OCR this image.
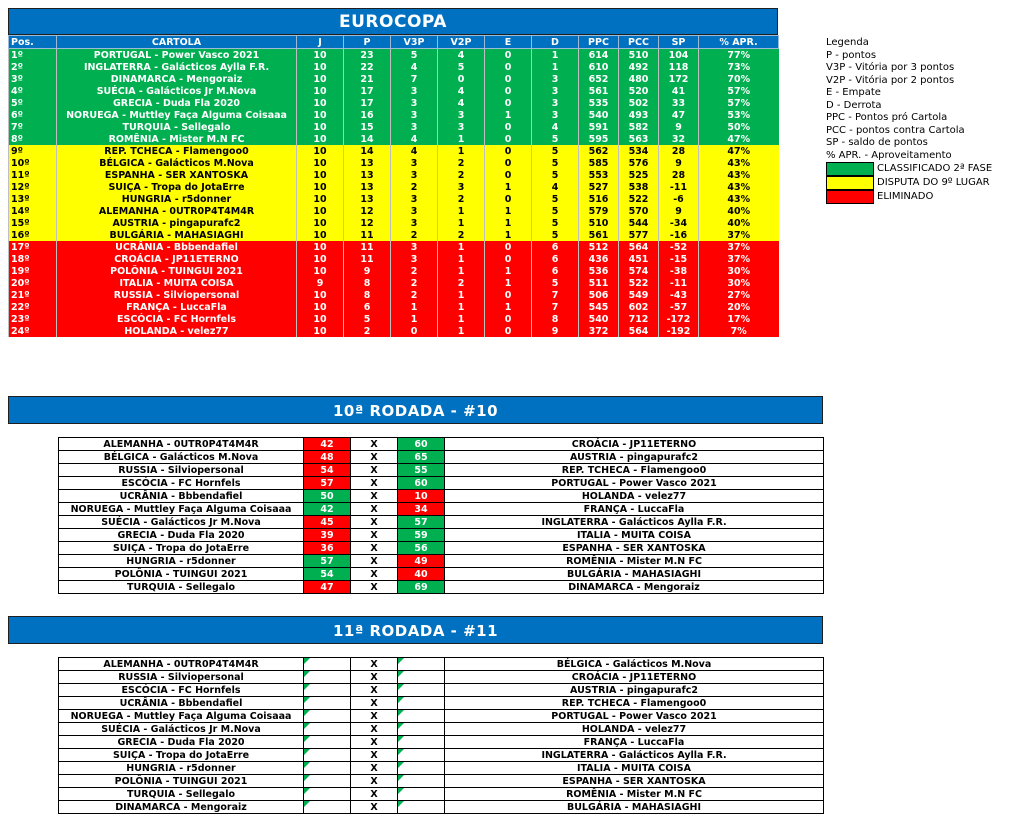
EUROCOPA
Pos.	CARTOLA	J	P	V3P	V2P	E	D	PPC	PCC	SP	% APR.
1º	PORTUGAL - Power Vasco 2021	10	23	5	4	0	1	614	510	104	77%
2º	INGLATERRA - Galácticos Aylla F.R.	10	22	4	5	0	1	610	492	118	73%
3º	DINAMARCA - Mengoraiz	10	21	7	0	0	3	652	480	172	70%
4º	SUÉCIA - Galácticos Jr M.Nova	10	17	3	4	0	3	561	520	41	57%
5º	GRECIA - Duda Fla 2020	10	17	3	4	0	3	535	502	33	57%
6º	NORUEGA - Muttley Faça Alguma Coisaaa	10	16	3	3	1	3	540	493	47	53%
7º	TURQUIA - Sellegalo	10	15	3	3	0	4	591	582	9	50%
8º	ROMÊNIA - Mister M.N FC	10	14	4	1	0	5	595	563	32	47%
9º	REP. TCHECA - Flamengoo0	10	14	4	1	0	5	562	534	28	47%
10º	BÉLGICA - Galácticos M.Nova	10	13	3	2	0	5	585	576	9	43%
11º	ESPANHA - SER XANTOSKA	10	13	3	2	0	5	553	525	28	43%
12º	SUIÇA - Tropa do JotaErre	10	13	2	3	1	4	527	538	-11	43%
13º	HUNGRIA - r5donner	10	13	3	2	0	5	516	522	-6	43%
14º	ALEMANHA - 0UTR0P4T4M4R	10	12	3	1	1	5	579	570	9	40%
15º	AUSTRIA - pingapurafc2	10	12	3	1	1	5	510	544	-34	40%
16º	BULGÁRIA - MAHASIAGHI	10	11	2	2	1	5	561	577	-16	37%
17º	UCRÂNIA - Bbbendafiel	10	11	3	1	0	6	512	564	-52	37%
18º	CROÁCIA - JP11ETERNO	10	11	3	1	0	6	436	451	-15	37%
19º	POLÔNIA - TUINGUI 2021	10	9	2	1	1	6	536	574	-38	30%
20º	ITALIA - MUITA COISA	9	8	2	2	1	5	511	522	-11	30%
21º	RUSSIA - Silviopersonal	10	8	2	1	0	7	506	549	-43	27%
22º	FRANÇA - LuccaFla	10	6	1	1	1	7	545	602	-57	20%
23º	ESCÓCIA - FC Hornfels	10	5	1	1	0	8	540	712	-172	17%
24º	HOLANDA - velez77	10	2	0	1	0	9	372	564	-192	7%
Legenda
P - pontos
V3P - Vitória por 3 pontos
V2P - Vitória por 2 pontos
E - Empate
D - Derrota
PPC - Pontos pró Cartola
PCC - pontos contra Cartola
SP - saldo de pontos
% APR. - Aproveitamento
CLASSIFICADO 2ª FASE
DISPUTA DO 9º LUGAR
ELIMINADO
10ª RODADA - #10
ALEMANHA - 0UTR0P4T4M4R	42	X	60	CROÁCIA - JP11ETERNO
BÉLGICA - Galácticos M.Nova	48	X	65	AUSTRIA - pingapurafc2
RUSSIA - Silviopersonal	54	X	55	REP. TCHECA - Flamengoo0
ESCÓCIA - FC Hornfels	57	X	60	PORTUGAL - Power Vasco 2021
UCRÂNIA - Bbbendafiel	50	X	10	HOLANDA - velez77
NORUEGA - Muttley Faça Alguma Coisaaa	42	X	34	FRANÇA - LuccaFla
SUÉCIA - Galácticos Jr M.Nova	45	X	57	INGLATERRA - Galácticos Aylla F.R.
GRECIA - Duda Fla 2020	39	X	59	ITALIA - MUITA COISA
SUIÇA - Tropa do JotaErre	36	X	56	ESPANHA - SER XANTOSKA
HUNGRIA - r5donner	57	X	49	ROMÊNIA - Mister M.N FC
POLÔNIA - TUINGUI 2021	54	X	40	BULGÁRIA - MAHASIAGHI
TURQUIA - Sellegalo	47	X	69	DINAMARCA - Mengoraiz
11ª RODADA - #11
ALEMANHA - 0UTR0P4T4M4R		X		BÉLGICA - Galácticos M.Nova
RUSSIA - Silviopersonal		X		CROÁCIA - JP11ETERNO
ESCÓCIA - FC Hornfels		X		AUSTRIA - pingapurafc2
UCRÂNIA - Bbbendafiel		X		REP. TCHECA - Flamengoo0
NORUEGA - Muttley Faça Alguma Coisaaa		X		PORTUGAL - Power Vasco 2021
SUÉCIA - Galácticos Jr M.Nova		X		HOLANDA - velez77
GRECIA - Duda Fla 2020		X		FRANÇA - LuccaFla
SUIÇA - Tropa do JotaErre		X		INGLATERRA - Galácticos Aylla F.R.
HUNGRIA - r5donner		X		ITALIA - MUITA COISA
POLÔNIA - TUINGUI 2021		X		ESPANHA - SER XANTOSKA
TURQUIA - Sellegalo		X		ROMÊNIA - Mister M.N FC
DINAMARCA - Mengoraiz		X		BULGÁRIA - MAHASIAGHI
